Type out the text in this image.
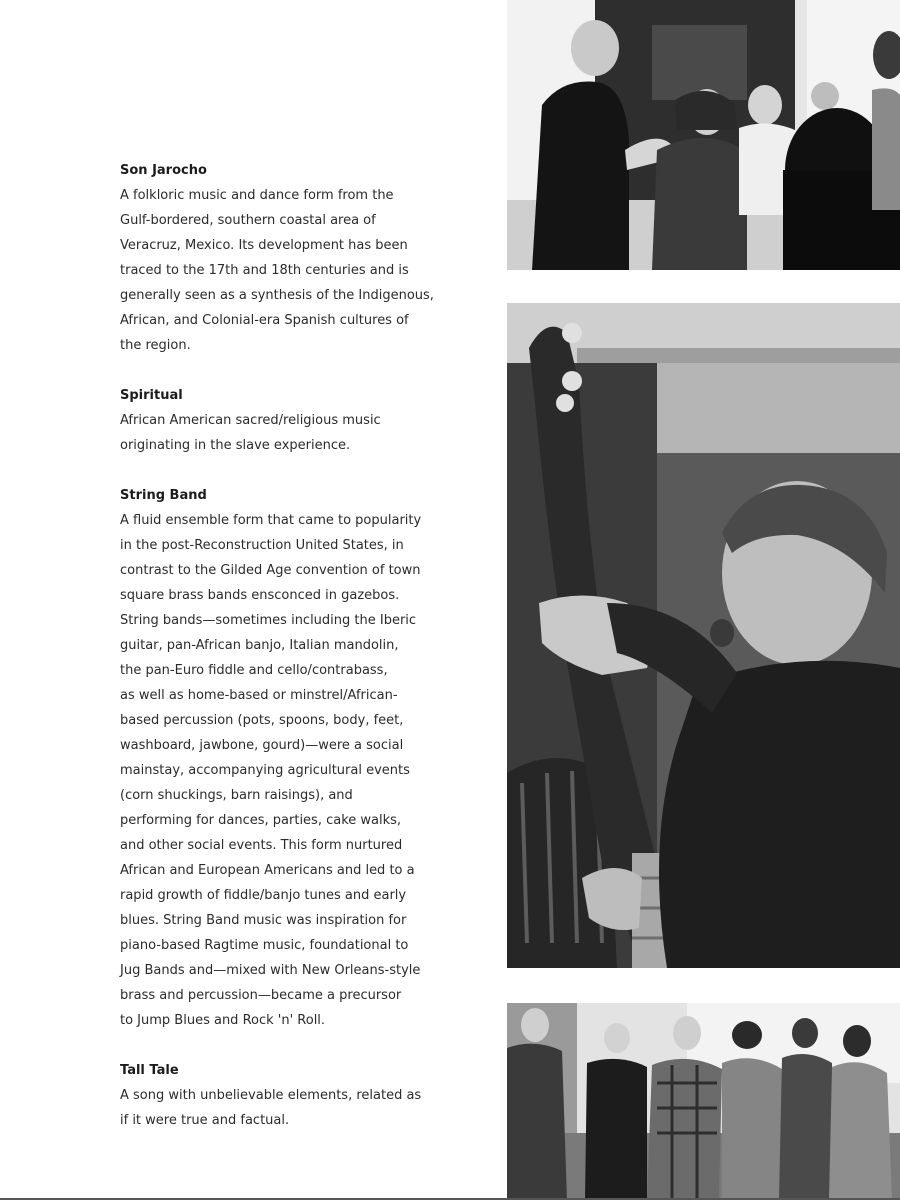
Son Jarocho

A folkloric music and dance form from the
Gulf-bordered, southern coastal area of
Veracruz, Mexico. Its development has been
traced to the 17th and 18th centuries and is
generally seen as a synthesis of the Indigenous,
African, and Colonial-era Spanish cultures of
the region.

Spiritual

African American sacred/religious music
originating in the slave experience.

String Band

A fluid ensemble form that came to popularity
in the post-Reconstruction United States, in
contrast to the Gilded Age convention of town
square brass bands ensconced in gazebos.
String bands—sometimes including the Iberic
guitar, pan-African banjo, Italian mandolin,
the pan-Euro fiddle and cello/contrabass,
as well as home-based or minstrel/African-
based percussion (pots, spoons, body, feet,
washboard, jawbone, gourd)—were a social
mainstay, accompanying agricultural events
(corn shuckings, barn raisings), and
performing for dances, parties, cake walks,
and other social events. This form nurtured
African and European Americans and led to a
rapid growth of fiddle/banjo tunes and early
blues. String Band music was inspiration for
piano-based Ragtime music, foundational to
Jug Bands and—mixed with New Orleans-style
brass and percussion—became a precursor
to Jump Blues and Rock 'n' Roll.

Tall Tale

A song with unbelievable elements, related as
if it were true and factual.
